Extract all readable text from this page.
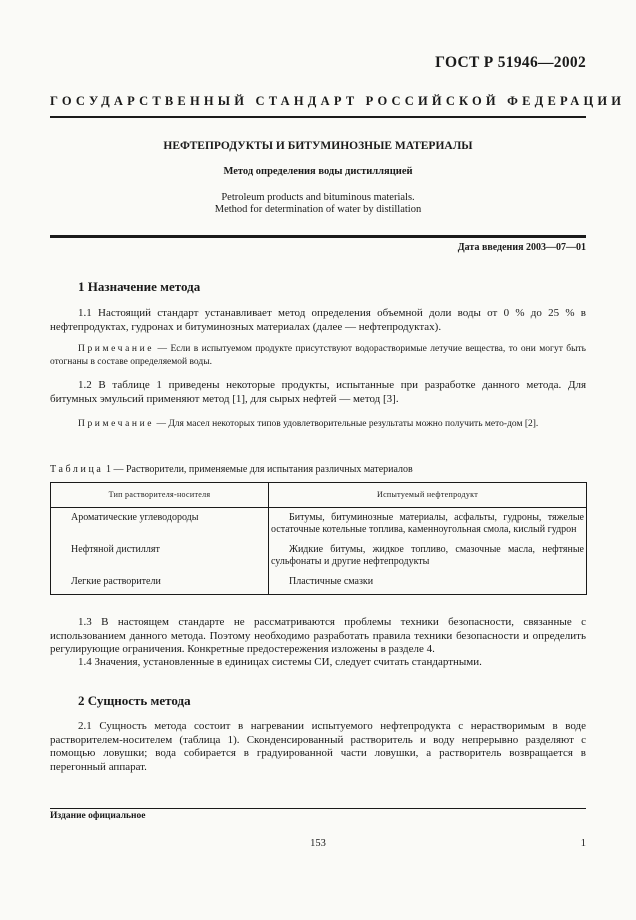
ГОСТ Р 51946—2002
ГОСУДАРСТВЕННЫЙ СТАНДАРТ РОССИЙСКОЙ ФЕДЕРАЦИИ
НЕФТЕПРОДУКТЫ И БИТУМИНОЗНЫЕ МАТЕРИАЛЫ
Метод определения воды дистилляцией
Petroleum products and bituminous materials.
Method for determination of water by distillation
Дата введения 2003—07—01
1 Назначение метода
1.1 Настоящий стандарт устанавливает метод определения объемной доли воды от 0 % до 25 % в нефтепродуктах, гудронах и битуминозных материалах (далее — нефтепродуктах).
Примечание — Если в испытуемом продукте присутствуют водорастворимые летучие вещества, то они могут быть отогнаны в составе определяемой воды.
1.2 В таблице 1 приведены некоторые продукты, испытанные при разработке данного метода. Для битумных эмульсий применяют метод [1], для сырых нефтей — метод [3].
Примечание — Для масел некоторых типов удовлетворительные результаты можно получить мето-дом [2].
Таблица 1 — Растворители, применяемые для испытания различных материалов
Тип растворителя-носителя	Испытуемый нефтепродукт
Ароматические углеводороды	Битумы, битуминозные материалы, асфальты, гудроны, тяжелые остаточные котельные топлива, каменноугольная смола, кислый гудрон
Нефтяной дистиллят	Жидкие битумы, жидкое топливо, смазочные масла, нефтяные сульфонаты и другие нефтепродукты
Легкие растворители	Пластичные смазки
1.3 В настоящем стандарте не рассматриваются проблемы техники безопасности, связанные с использованием данного метода. Поэтому необходимо разработать правила техники безопасности и определить регулирующие ограничения. Конкретные предостережения изложены в разделе 4.
1.4 Значения, установленные в единицах системы СИ, следует считать стандартными.
2 Сущность метода
2.1 Сущность метода состоит в нагревании испытуемого нефтепродукта с нерастворимым в воде растворителем-носителем (таблица 1). Сконденсированный растворитель и воду непрерывно разделяют с помощью ловушки; вода собирается в градуированной части ловушки, а растворитель возвращается в перегонный аппарат.
Издание официальное
153	1
